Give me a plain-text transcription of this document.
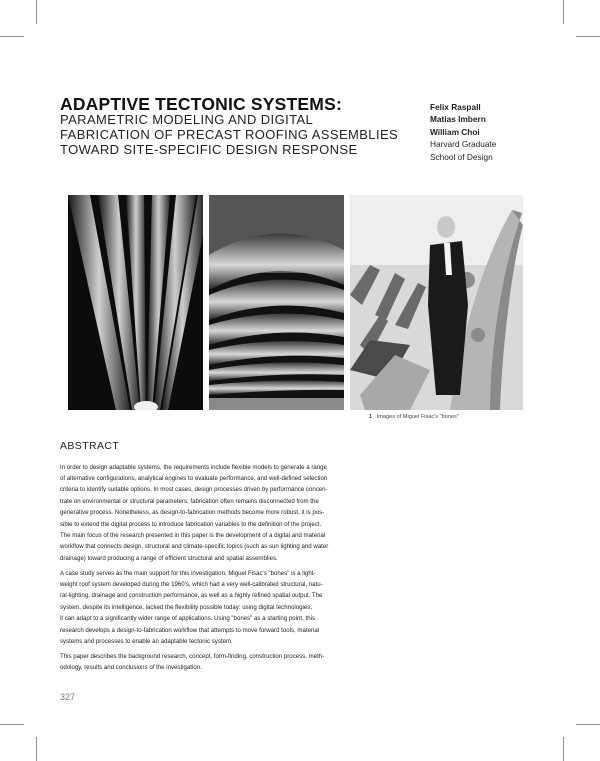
ADAPTIVE TECTONIC SYSTEMS:
PARAMETRIC MODELING AND DIGITAL
FABRICATION OF PRECAST ROOFING ASSEMBLIES
TOWARD SITE-SPECIFIC DESIGN RESPONSE
Felix Raspall
Matias Imbern
William Choi
Harvard Graduate
School of Design
1 Images of Miguel Fisac's "bones"
ABSTRACT

In order to design adaptable systems, the requirements include flexible models to generate a range
of alternative configurations, analytical engines to evaluate performance, and well-defined selection
criteria to identify suitable options. In most cases, design processes driven by performance concen-
trate on environmental or structural parameters; fabrication often remains disconnected from the
generative process. Nonetheless, as design-to-fabrication methods become more robust, it is pos-
sible to extend the digital process to introduce fabrication variables to the definition of the project.
The main focus of the research presented in this paper is the development of a digital and material
workflow that connects design, structural and climate-specific topics (such as sun lighting and water
drainage) toward producing a range of efficient structural and spatial assemblies.

A case study serves as the main support for this investigation. Miguel Fisac's "bones" is a light-
weight roof system developed during the 1960's, which had a very well-calibrated structural, natu-
ral-lighting, drainage and construction performance, as well as a highly refined spatial output. The
system, despite its intelligence, lacked the flexibility possible today: using digital technologies,
it can adapt to a significantly wider range of applications. Using "bones" as a starting point, this
research develops a design-to-fabrication workflow that attempts to move forward tools, material
systems and processes to enable an adaptable tectonic system.

This paper describes the background research, concept, form-finding, construction process, meth-
odology, results and conclusions of the investigation.

327
